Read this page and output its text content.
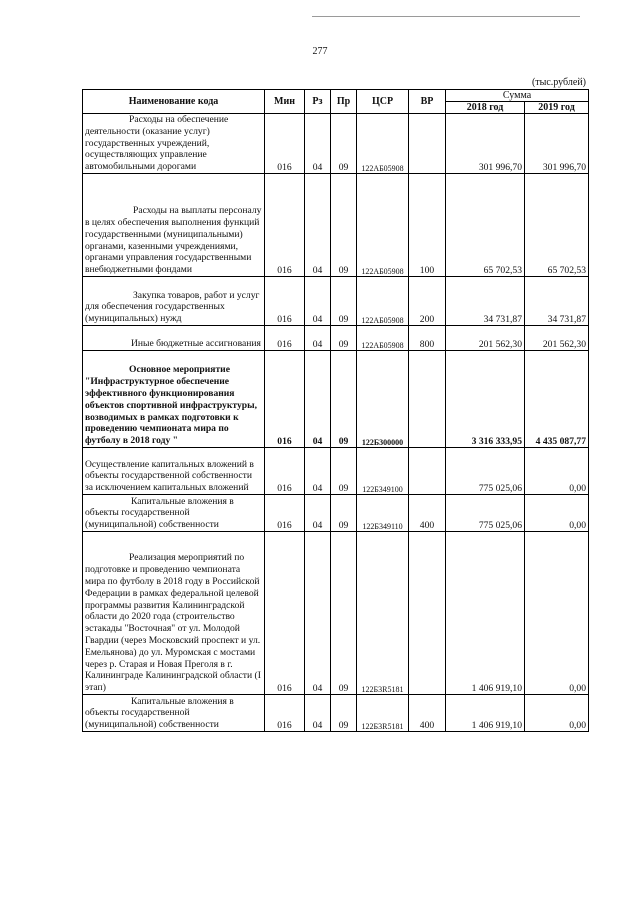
277
(тыс.рублей)
Наименование кода	Мин	Рз	Пр	ЦСР	ВР	Сумма	
						2018 год	2019 год
Расходы на обеспечение деятельности (оказание услуг) государственных учреждений, осуществляющих управление автомобильными дорогами	016	04	09	122АБ05908		301 996,70	301 996,70
Расходы на выплаты персоналу в целях обеспечения выполнения функций государственными (муниципальными) органами, казенными учреждениями, органами управления государственными внебюджетными фондами	016	04	09	122АБ05908	100	65 702,53	65 702,53
Закупка товаров, работ и услуг для обеспечения государственных (муниципальных) нужд	016	04	09	122АБ05908	200	34 731,87	34 731,87
Иные бюджетные ассигнования	016	04	09	122АБ05908	800	201 562,30	201 562,30
Основное мероприятие "Инфраструктурное обеспечение эффективного функционирования объектов спортивной инфраструктуры, возводимых в рамках подготовки к проведению чемпионата мира по футболу в 2018 году "	016	04	09	122Б300000		3 316 333,95	4 435 087,77
Осуществление капитальных вложений в объекты государственной собственности за исключением капитальных вложений	016	04	09	122Б349100		775 025,06	0,00
Капитальные вложения в объекты государственной (муниципальной) собственности	016	04	09	122Б349110	400	775 025,06	0,00
Реализация мероприятий по подготовке и проведению чемпионата мира по футболу в 2018 году в Российской Федерации в рамках федеральной целевой программы развития Калининградской области до 2020 года (строительство эстакады "Восточная" от ул. Молодой Гвардии (через Московский проспект и ул. Емельянова) до ул. Муромская с мостами через р. Старая и Новая Преголя в г. Калининграде Калининградской области (I этап)	016	04	09	122Б3R5181		1 406 919,10	0,00
Капитальные вложения в объекты государственной (муниципальной) собственности	016	04	09	122Б3R5181	400	1 406 919,10	0,00
